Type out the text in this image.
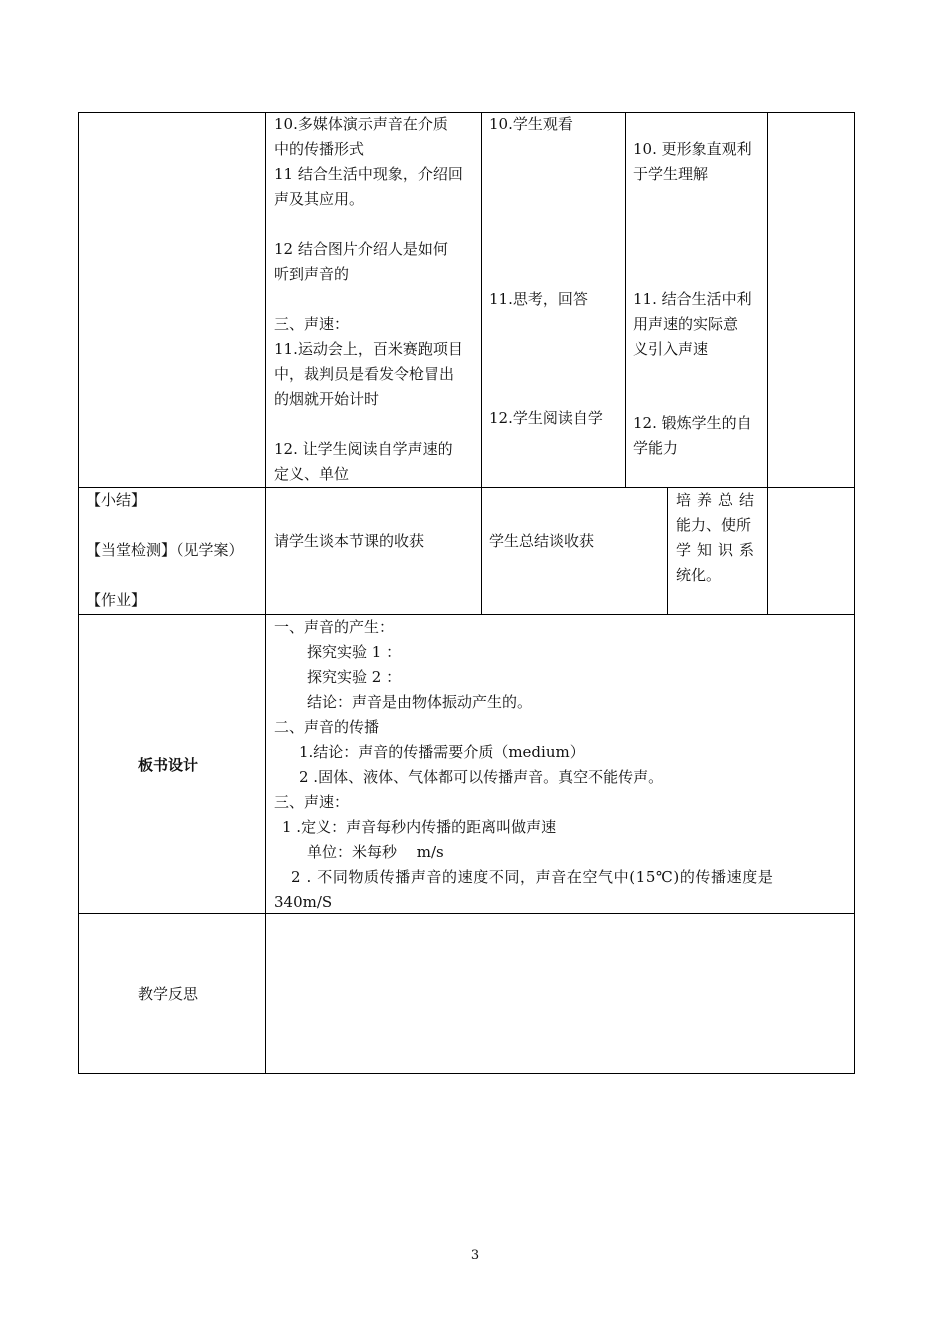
10.多媒体演示声音在介质
中的传播形式
11 结合生活中现象，介绍回
声及其应用。
12 结合图片介绍人是如何
听到声音的
三、声速：
11.运动会上，百米赛跑项目
中，裁判员是看发令枪冒出
的烟就开始计时
12. 让学生阅读自学声速的
定义、单位
10.学生观看
11.思考，回答
12.学生阅读自学
10. 更形象直观利
于学生理解
11. 结合生活中利
用声速的实际意
义引入声速
12. 锻炼学生的自
学能力
【小结】
【当堂检测】（见学案）
【作业】
请学生谈本节课的收获	学生总结谈收获
培养总结
能力、使所
学知识系
统化。
板书设计
一、声音的产生：
探究实验 1 ：
探究实验 2 ：
结论：声音是由物体振动产生的。
二、声音的传播
1.结论：声音的传播需要介质（medium）
2 .固体、液体、气体都可以传播声音。真空不能传声。
三、声速：
1 .定义：声音每秒内传播的距离叫做声速
单位：米每秒　 m/s
2 . 不同物质传播声音的速度不同，声音在空气中(15℃)的传播速度是
340m/S
教学反思
3
